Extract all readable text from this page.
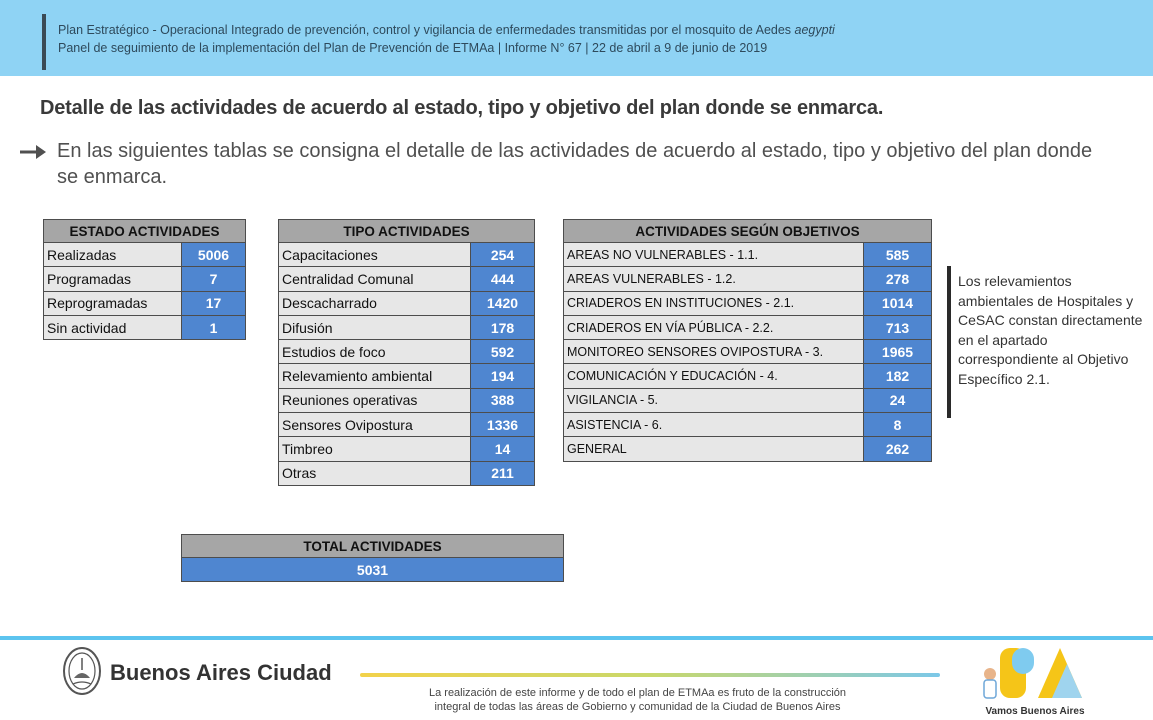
Plan Estratégico - Operacional Integrado de prevención, control y vigilancia de enfermedades transmitidas por el mosquito de Aedes aegypti
Panel de seguimiento de la implementación del Plan de Prevención de ETMAa | Informe N° 67 | 22 de abril a 9 de junio de 2019
Detalle de las actividades de acuerdo al estado, tipo y objetivo del plan donde se enmarca.
En las siguientes tablas se consigna el detalle de las actividades de acuerdo al estado, tipo y objetivo del plan donde se enmarca.
ESTADO ACTIVIDADES	
Realizadas	5006
Programadas	7
Reprogramadas	17
Sin actividad	1
TIPO ACTIVIDADES	
Capacitaciones	254
Centralidad Comunal	444
Descacharrado	1420
Difusión	178
Estudios de foco	592
Relevamiento ambiental	194
Reuniones operativas	388
Sensores Ovipostura	1336
Timbreo	14
Otras	211
ACTIVIDADES SEGÚN OBJETIVOS	
AREAS NO VULNERABLES - 1.1.	585
AREAS VULNERABLES - 1.2.	278
CRIADEROS EN INSTITUCIONES - 2.1.	1014
CRIADEROS EN VÍA PÚBLICA - 2.2.	713
MONITOREO SENSORES OVIPOSTURA - 3.	1965
COMUNICACIÓN Y EDUCACIÓN - 4.	182
VIGILANCIA - 5.	24
ASISTENCIA - 6.	8
GENERAL	262
Los relevamientos ambientales de Hospitales y CeSAC constan directamente en el apartado correspondiente al Objetivo Específico 2.1.
TOTAL ACTIVIDADES
5031
Buenos Aires Ciudad
La realización de este informe y de todo el plan de ETMAa es fruto de la construcción
integral de todas las áreas de Gobierno y comunidad de la Ciudad de Buenos Aires	Vamos Buenos Aires
